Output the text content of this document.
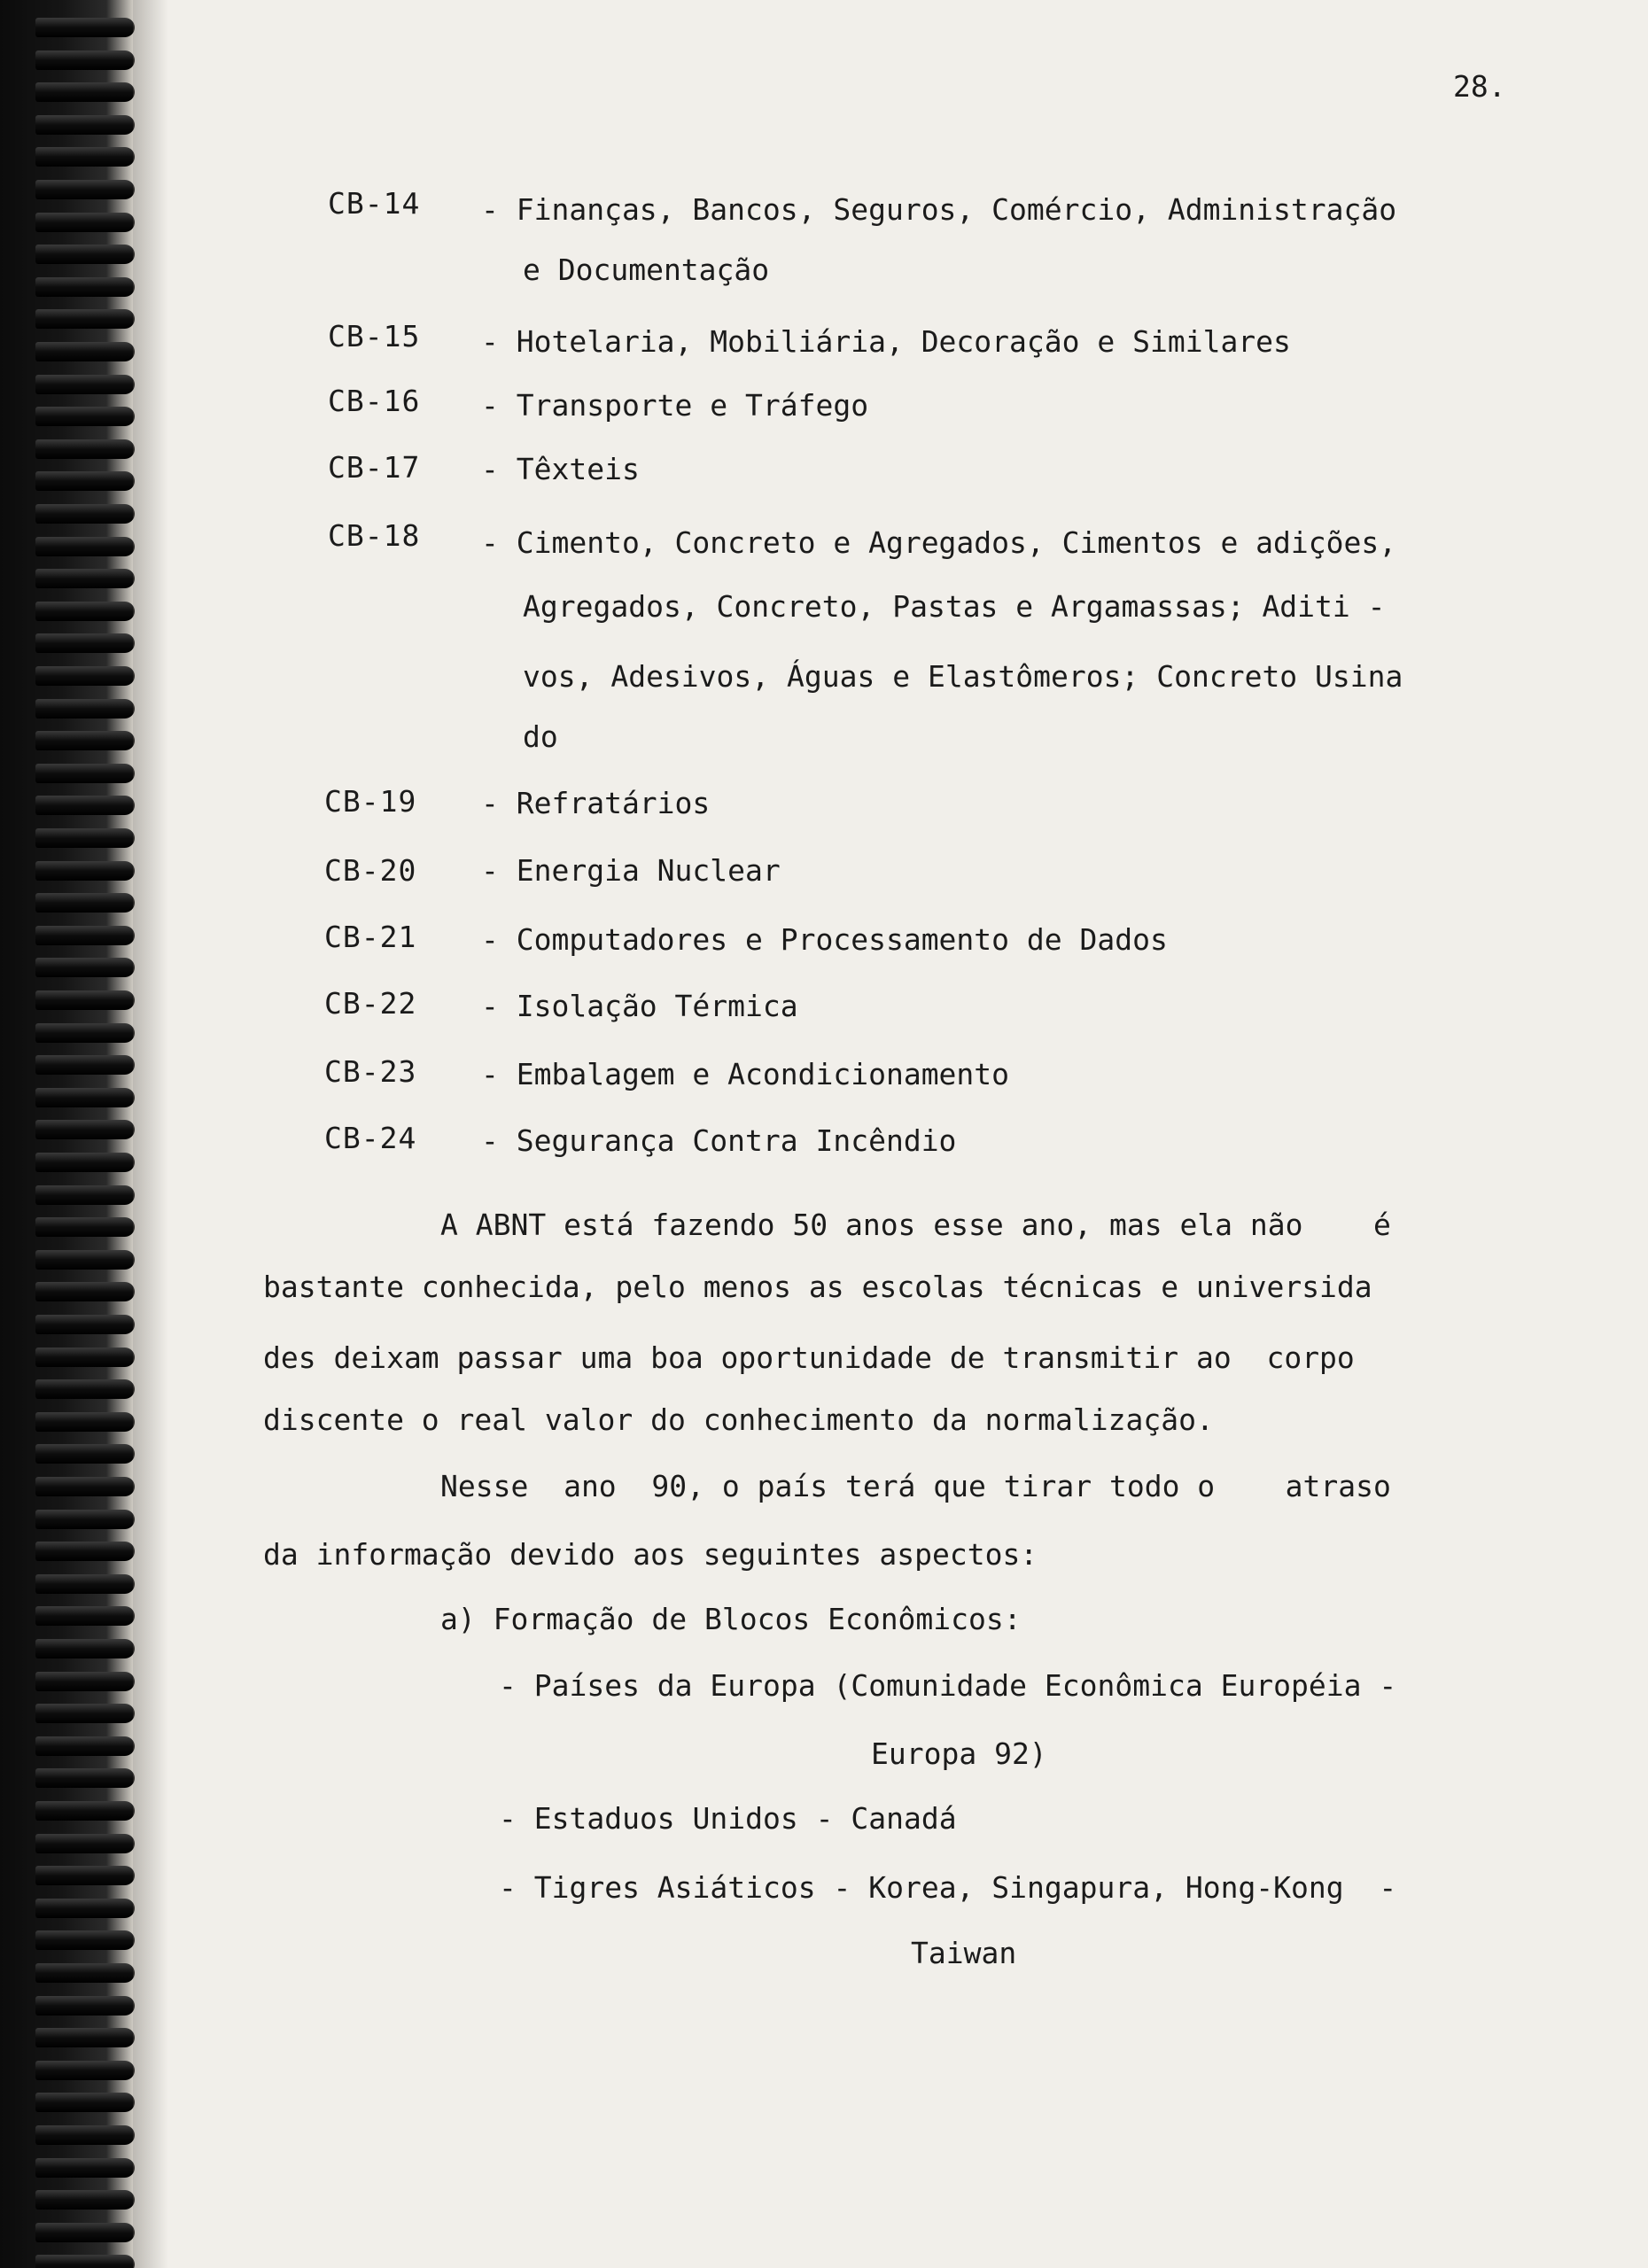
28.
CB-14 - Finanças, Bancos, Seguros, Comércio, Administração
e Documentação
CB-15 - Hotelaria, Mobiliária, Decoração e Similares
CB-16 - Transporte e Tráfego
CB-17 - Têxteis
CB-18 - Cimento, Concreto e Agregados, Cimentos e adições,
Agregados, Concreto, Pastas e Argamassas; Aditi -
vos, Adesivos, Águas e Elastômeros; Concreto Usina
do
CB-19 - Refratários
CB-20 - Energia Nuclear
CB-21 - Computadores e Processamento de Dados
CB-22 - Isolação Térmica
CB-23 - Embalagem e Acondicionamento
CB-24 - Segurança Contra Incêndio
A ABNT está fazendo 50 anos esse ano, mas ela não    é
bastante conhecida, pelo menos as escolas técnicas e universida
des deixam passar uma boa oportunidade de transmitir ao  corpo
discente o real valor do conhecimento da normalização.
Nesse  ano  90, o país terá que tirar todo o    atraso
da informação devido aos seguintes aspectos:
a) Formação de Blocos Econômicos:
- Países da Europa (Comunidade Econômica Européia -
Europa 92)
- Estaduos Unidos - Canadá
- Tigres Asiáticos - Korea, Singapura, Hong-Kong  -
Taiwan
